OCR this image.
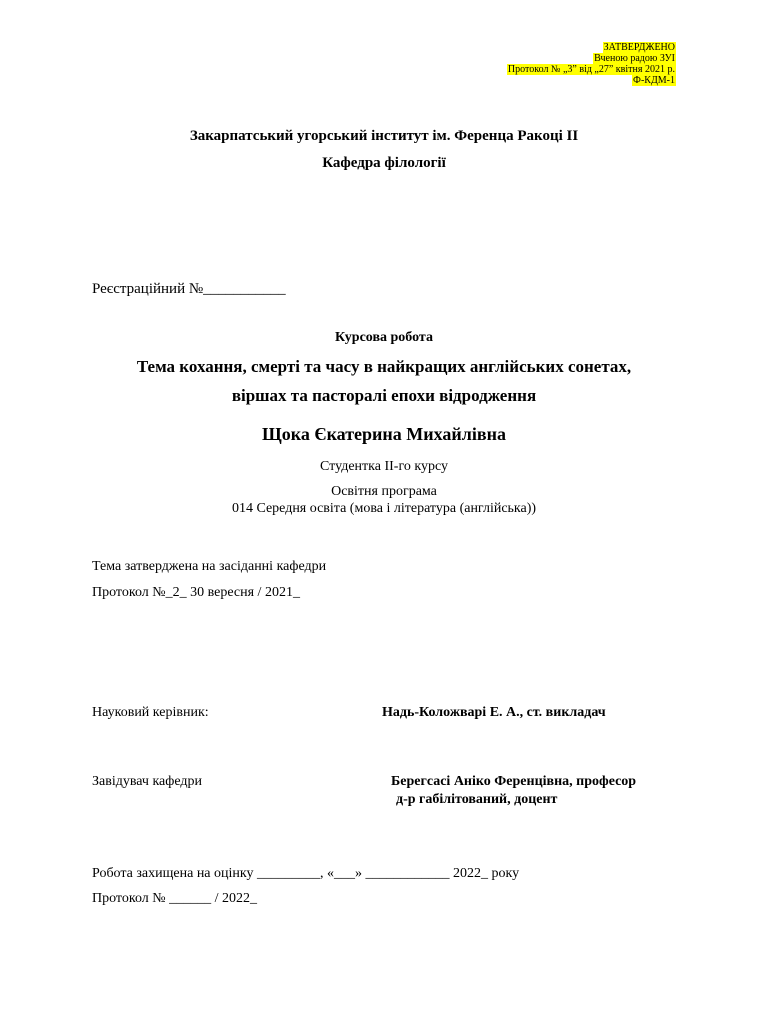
ЗАТВЕРДЖЕНО
Вченою радою ЗУІ
Протокол № „3” від „27” квітня 2021 р.
Ф-КДМ-1
Закарпатський угорський інститут ім. Ференца Ракоці ІІ
Кафедра філології
Реєстраційний №___________
Курсова робота
Тема кохання, смерті та часу в найкращих англійських сонетах,
віршах та пасторалі епохи відродження
Щока Єкатерина Михайлівна
Студентка ІІ-го курсу
Освітня програма
014 Середня освіта (мова і література (англійська))
Тема затверджена на засіданні кафедри
Протокол №_2_ 30 вересня / 2021_
Науковий керівник:	Надь-Коложварі Е. А., ст. викладач
Завідувач кафедри	Берегсасі Аніко Ференцівна, професор
д-р габілітований, доцент
Робота захищена на оцінку _________, «___» ____________ 2022_ року
Протокол № ______ / 2022_
